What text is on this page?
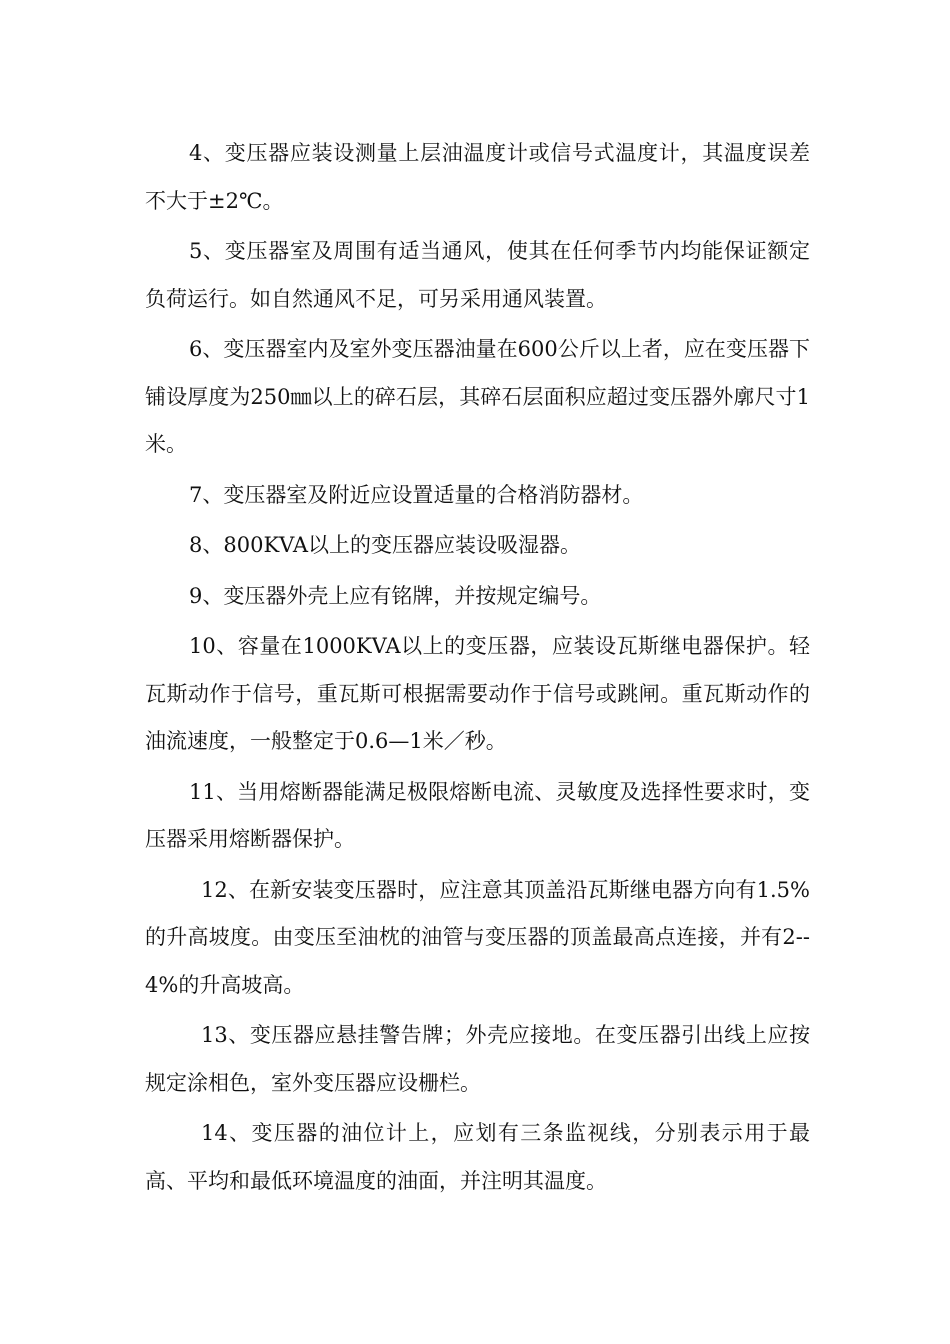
4、变压器应装设测量上层油温度计或信号式温度计，其温度误差不大于±2℃。

5、变压器室及周围有适当通风，使其在任何季节内均能保证额定负荷运行。如自然通风不足，可另采用通风装置。

6、变压器室内及室外变压器油量在600公斤以上者，应在变压器下铺设厚度为250㎜以上的碎石层，其碎石层面积应超过变压器外廓尺寸1米。

7、变压器室及附近应设置适量的合格消防器材。

8、800KVA以上的变压器应装设吸湿器。

9、变压器外壳上应有铭牌，并按规定编号。

10、容量在1000KVA以上的变压器，应装设瓦斯继电器保护。轻瓦斯动作于信号，重瓦斯可根据需要动作于信号或跳闸。重瓦斯动作的油流速度，一般整定于0.6—1米／秒。

11、当用熔断器能满足极限熔断电流、灵敏度及选择性要求时，变压器采用熔断器保护。

12、在新安装变压器时，应注意其顶盖沿瓦斯继电器方向有1.5%的升高坡度。由变压至油枕的油管与变压器的顶盖最高点连接，并有2--4%的升高坡高。

13、变压器应悬挂警告牌；外壳应接地。在变压器引出线上应按规定涂相色，室外变压器应设栅栏。

14、变压器的油位计上，应划有三条监视线，分别表示用于最高、平均和最低环境温度的油面，并注明其温度。
